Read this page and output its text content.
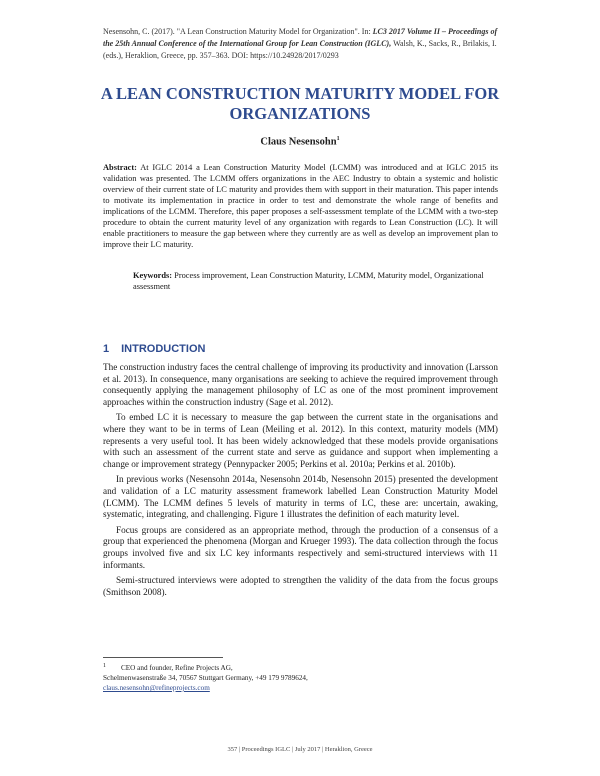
Nesensohn, C. (2017). "A Lean Construction Maturity Model for Organization". In: LC3 2017 Volume II – Proceedings of the 25th Annual Conference of the International Group for Lean Construction (IGLC), Walsh, K., Sacks, R., Brilakis, I. (eds.), Heraklion, Greece, pp. 357–363. DOI: https://10.24928/2017/0293
A LEAN CONSTRUCTION MATURITY MODEL FOR ORGANIZATIONS
Claus Nesensohn$^1$
Abstract: At IGLC 2014 a Lean Construction Maturity Model (LCMM) was introduced and at IGLC 2015 its validation was presented. The LCMM offers organizations in the AEC Industry to obtain a systemic and holistic overview of their current state of LC maturity and provides them with support in their maturation. This paper intends to motivate its implementation in practice in order to test and demonstrate the whole range of benefits and implications of the LCMM. Therefore, this paper proposes a self-assessment template of the LCMM with a two-step procedure to obtain the current maturity level of any organization with regards to Lean Construction (LC). It will enable practitioners to measure the gap between where they currently are as well as develop an improvement plan to improve their LC maturity.
Keywords: Process improvement, Lean Construction Maturity, LCMM, Maturity model, Organizational assessment
1 INTRODUCTION

The construction industry faces the central challenge of improving its productivity and innovation (Larsson et al. 2013). In consequence, many organisations are seeking to achieve the required improvement through consequently applying the management philosophy of LC as one of the most prominent improvement approaches within the construction industry (Sage et al. 2012).

To embed LC it is necessary to measure the gap between the current state in the organisations and where they want to be in terms of Lean (Meiling et al. 2012). In this context, maturity models (MM) represents a very useful tool. It has been widely acknowledged that these models provide organisations with such an assessment of the current state and serve as guidance and support when implementing a change or improvement strategy (Pennypacker 2005; Perkins et al. 2010a; Perkins et al. 2010b).

In previous works (Nesensohn 2014a, Nesensohn 2014b, Nesensohn 2015) presented the development and validation of a LC maturity assessment framework labelled Lean Construction Maturity Model (LCMM). The LCMM defines 5 levels of maturity in terms of LC, these are: uncertain, awaking, systematic, integrating, and challenging. Figure 1 illustrates the definition of each maturity level.

Focus groups are considered as an appropriate method, through the production of a consensus of a group that experienced the phenomena (Morgan and Krueger 1993). The data collection through the focus groups involved five and six LC key informants respectively and semi-structured interviews with 11 informants.

Semi-structured interviews were adopted to strengthen the validity of the data from the focus groups (Smithson 2008).

1	CEO and founder, Refine Projects AG,
Schelmenwasenstraße 34, 70567 Stuttgart Germany, +49 179 9789624,
claus.nesensohn@refineprojects.com
357 | Proceedings IGLC | July 2017 | Heraklion, Greece
